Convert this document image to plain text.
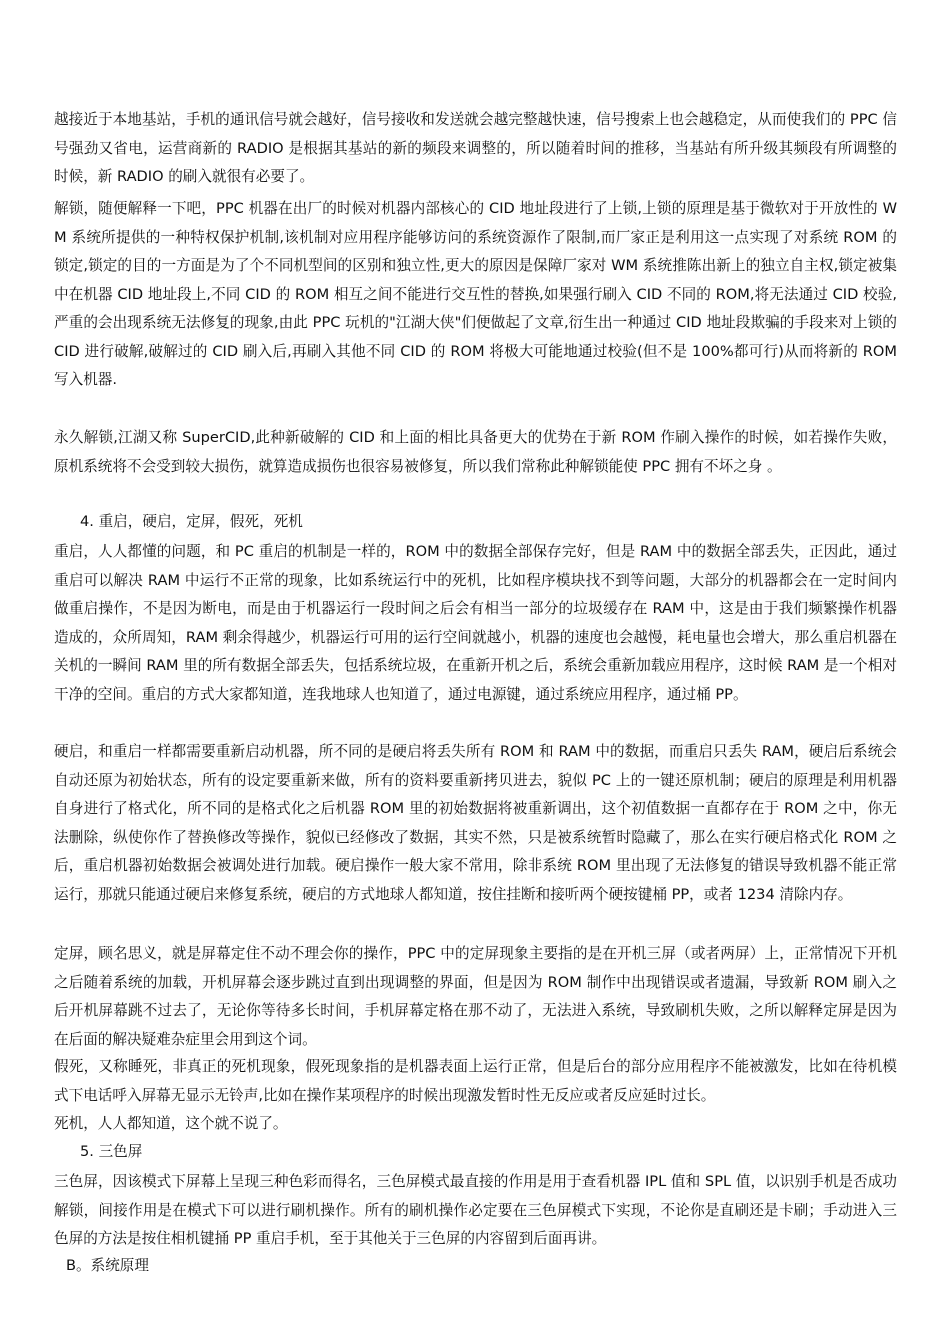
越接近于本地基站，手机的通讯信号就会越好，信号接收和发送就会越完整越快速，信号搜索上也会越稳定，从而使我们的 PPC 信号强劲又省电，运营商新的 RADIO 是根据其基站的新的频段来调整的，所以随着时间的推移，当基站有所升级其频段有所调整的时候，新 RADIO 的刷入就很有必要了。

解锁，随便解释一下吧，PPC 机器在出厂的时候对机器内部核心的 CID 地址段进行了上锁,上锁的原理是基于微软对于开放性的 WM 系统所提供的一种特权保护机制,该机制对应用程序能够访问的系统资源作了限制,而厂家正是利用这一点实现了对系统 ROM 的锁定,锁定的目的一方面是为了个不同机型间的区别和独立性,更大的原因是保障厂家对 WM 系统推陈出新上的独立自主权,锁定被集中在机器 CID 地址段上,不同 CID 的 ROM 相互之间不能进行交互性的替换,如果强行刷入 CID 不同的 ROM,将无法通过 CID 校验,严重的会出现系统无法修复的现象,由此 PPC 玩机的"江湖大侠"们便做起了文章,衍生出一种通过 CID 地址段欺骗的手段来对上锁的 CID 进行破解,破解过的 CID 刷入后,再刷入其他不同 CID 的 ROM 将极大可能地通过校验(但不是 100%都可行)从而将新的 ROM 写入机器.

永久解锁,江湖又称 SuperCID,此种新破解的 CID 和上面的相比具备更大的优势在于新 ROM 作刷入操作的时候，如若操作失败，原机系统将不会受到较大损伤，就算造成损伤也很容易被修复，所以我们常称此种解锁能使 PPC 拥有不坏之身 。

4. 重启，硬启，定屏，假死，死机

重启，人人都懂的问题，和 PC 重启的机制是一样的，ROM 中的数据全部保存完好，但是 RAM 中的数据全部丢失，正因此，通过重启可以解决 RAM 中运行不正常的现象，比如系统运行中的死机，比如程序模块找不到等问题，大部分的机器都会在一定时间内做重启操作，不是因为断电，而是由于机器运行一段时间之后会有相当一部分的垃圾缓存在 RAM 中，这是由于我们频繁操作机器造成的，众所周知，RAM 剩余得越少，机器运行可用的运行空间就越小，机器的速度也会越慢，耗电量也会增大，那么重启机器在关机的一瞬间 RAM 里的所有数据全部丢失，包括系统垃圾，在重新开机之后，系统会重新加载应用程序，这时候 RAM 是一个相对干净的空间。重启的方式大家都知道，连我地球人也知道了，通过电源键，通过系统应用程序，通过桶 PP。

硬启，和重启一样都需要重新启动机器，所不同的是硬启将丢失所有 ROM 和 RAM 中的数据，而重启只丢失 RAM，硬启后系统会自动还原为初始状态，所有的设定要重新来做，所有的资料要重新拷贝进去，貌似 PC 上的一键还原机制；硬启的原理是利用机器自身进行了格式化，所不同的是格式化之后机器 ROM 里的初始数据将被重新调出，这个初值数据一直都存在于 ROM 之中，你无法删除，纵使你作了替换修改等操作，貌似已经修改了数据，其实不然，只是被系统暂时隐藏了，那么在实行硬启格式化 ROM 之后，重启机器初始数据会被调处进行加载。硬启操作一般大家不常用，除非系统 ROM 里出现了无法修复的错误导致机器不能正常运行，那就只能通过硬启来修复系统，硬启的方式地球人都知道，按住挂断和接听两个硬按键桶 PP，或者 1234 清除内存。

定屏，顾名思义，就是屏幕定住不动不理会你的操作，PPC 中的定屏现象主要指的是在开机三屏（或者两屏）上，正常情况下开机之后随着系统的加载，开机屏幕会逐步跳过直到出现调整的界面，但是因为 ROM 制作中出现错误或者遗漏，导致新 ROM 刷入之后开机屏幕跳不过去了，无论你等待多长时间，手机屏幕定格在那不动了，无法进入系统，导致刷机失败，之所以解释定屏是因为在后面的解决疑难杂症里会用到这个词。

假死，又称睡死，非真正的死机现象，假死现象指的是机器表面上运行正常，但是后台的部分应用程序不能被激发，比如在待机模式下电话呼入屏幕无显示无铃声,比如在操作某项程序的时候出现激发暂时性无反应或者反应延时过长。

死机，人人都知道，这个就不说了。

5. 三色屏

三色屏，因该模式下屏幕上呈现三种色彩而得名，三色屏模式最直接的作用是用于查看机器 IPL 值和 SPL 值，以识别手机是否成功解锁，间接作用是在模式下可以进行刷机操作。所有的刷机操作必定要在三色屏模式下实现，不论你是直刷还是卡刷；手动进入三色屏的方法是按住相机键捅 PP 重启手机，至于其他关于三色屏的内容留到后面再讲。

B。系统原理
